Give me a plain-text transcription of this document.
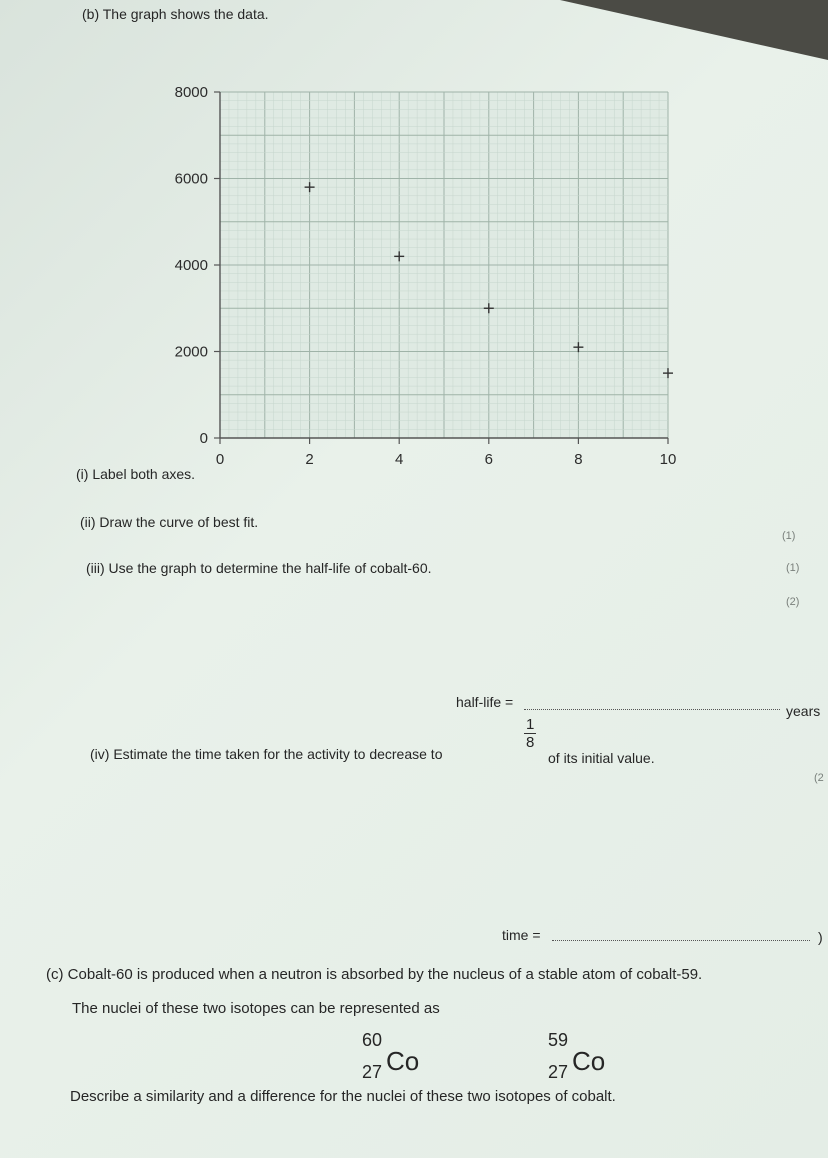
(b) The graph shows the data.
0
2000
4000
6000
8000
0	2	4	6	8	10
(i) Label both axes.
(ii) Draw the curve of best fit.
(1)
(iii) Use the graph to determine the half-life of cobalt-60.	(1)
(2)
half-life =
years
(iv) Estimate the time taken for the activity to decrease to
$\frac{1}{8}$
of its initial value.
(2
time =	)
(c) Cobalt-60 is produced when a neutron is absorbed by the nucleus of a stable atom of cobalt-59.
The nuclei of these two isotopes can be represented as
60
27 Co
59
27 Co
Describe a similarity and a difference for the nuclei of these two isotopes of cobalt.
